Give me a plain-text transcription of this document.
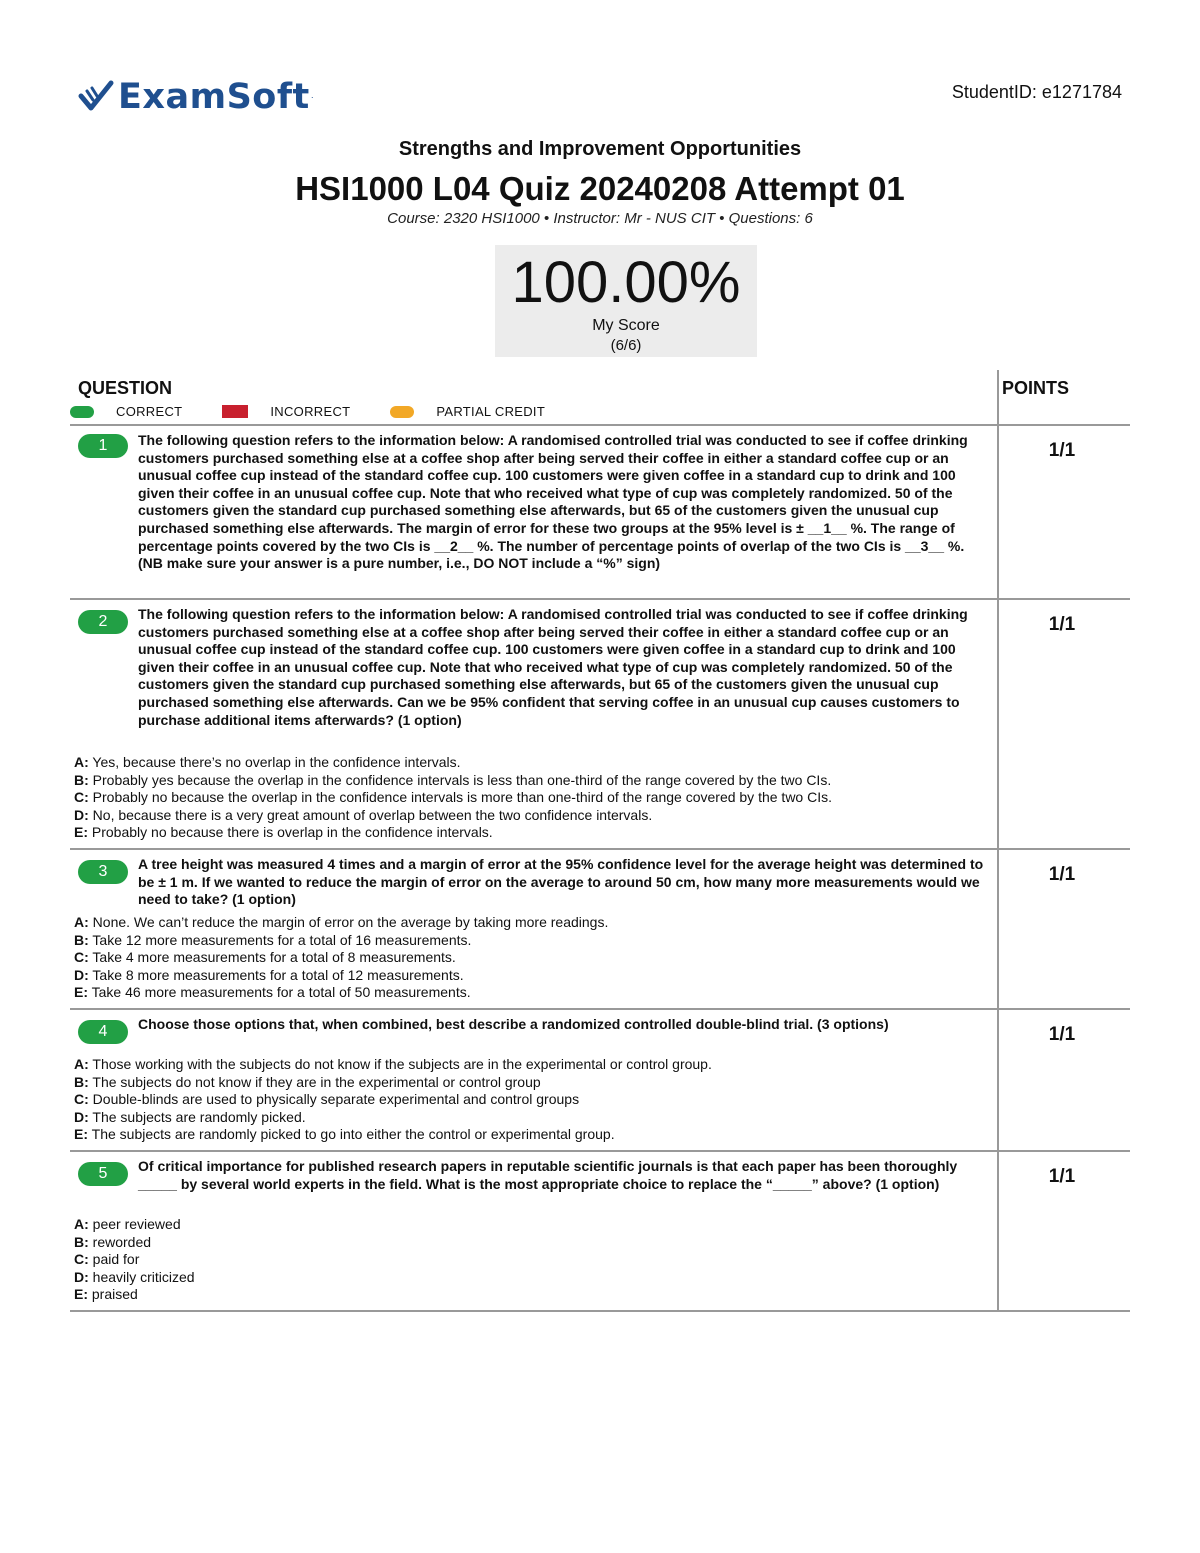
ExamSoft ·	StudentID: e1271784
Strengths and Improvement Opportunities
HSI1000 L04 Quiz 20240208 Attempt 01
Course: 2320 HSI1000 • Instructor: Mr - NUS CIT • Questions: 6
100.00%
My Score
(6/6)
QUESTION	POINTS
CORRECT	INCORRECT	PARTIAL CREDIT
1	The following question refers to the information below: A randomised controlled trial was conducted to see if coffee drinking customers purchased something else at a coffee shop after being served their coffee in either a standard coffee cup or an unusual coffee cup instead of the standard coffee cup. 100 customers were given coffee in a standard cup to drink and 100 given their coffee in an unusual coffee cup. Note that who received what type of cup was completely randomized. 50 of the customers given the standard cup purchased something else afterwards, but 65 of the customers given the unusual cup purchased something else afterwards. The margin of error for these two groups at the 95% level is ± __1__ %. The range of percentage points covered by the two CIs is __2__ %. The number of percentage points of overlap of the two CIs is __3__ %. (NB make sure your answer is a pure number, i.e., DO NOT include a “%” sign)
1/1
2	The following question refers to the information below: A randomised controlled trial was conducted to see if coffee drinking customers purchased something else at a coffee shop after being served their coffee in either a standard coffee cup or an unusual coffee cup instead of the standard coffee cup. 100 customers were given coffee in a standard cup to drink and 100 given their coffee in an unusual coffee cup. Note that who received what type of cup was completely randomized. 50 of the customers given the standard cup purchased something else afterwards, but 65 of the customers given the unusual cup purchased something else afterwards. Can we be 95% confident that serving coffee in an unusual cup causes customers to purchase additional items afterwards? (1 option)
1/1
A: Yes, because there’s no overlap in the confidence intervals.
B: Probably yes because the overlap in the confidence intervals is less than one-third of the range covered by the two CIs.
C: Probably no because the overlap in the confidence intervals is more than one-third of the range covered by the two CIs.
D: No, because there is a very great amount of overlap between the two confidence intervals.
E: Probably no because there is overlap in the confidence intervals.
3	A tree height was measured 4 times and a margin of error at the 95% confidence level for the average height was determined to be ± 1 m. If we wanted to reduce the margin of error on the average to around 50 cm, how many more measurements would we need to take? (1 option)
1/1
A: None. We can’t reduce the margin of error on the average by taking more readings.
B: Take 12 more measurements for a total of 16 measurements.
C: Take 4 more measurements for a total of 8 measurements.
D: Take 8 more measurements for a total of 12 measurements.
E: Take 46 more measurements for a total of 50 measurements.
4	Choose those options that, when combined, best describe a randomized controlled double-blind trial. (3 options)	1/1
A: Those working with the subjects do not know if the subjects are in the experimental or control group.
B: The subjects do not know if they are in the experimental or control group
C: Double-blinds are used to physically separate experimental and control groups
D: The subjects are randomly picked.
E: The subjects are randomly picked to go into either the control or experimental group.
5	Of critical importance for published research papers in reputable scientific journals is that each paper has been thoroughly _____ by several world experts in the field. What is the most appropriate choice to replace the “_____” above? (1 option)	1/1
A: peer reviewed
B: reworded
C: paid for
D: heavily criticized
E: praised
